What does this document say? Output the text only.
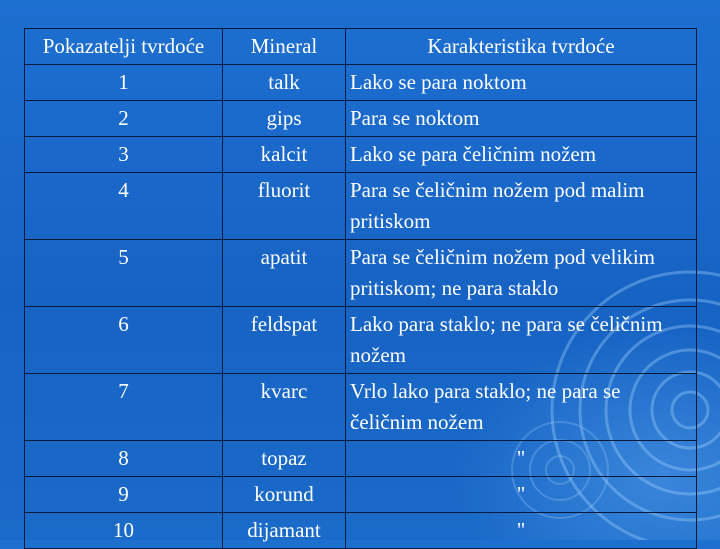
Pokazatelji tvrdoće	Mineral	Karakteristika tvrdoće
1	talk	Lako se para noktom
2	gips	Para se noktom
3	kalcit	Lako se para čeličnim nožem
4	fluorit	Para se čeličnim nožem pod malim pritiskom
5	apatit	Para se čeličnim nožem pod velikim pritiskom; ne para staklo
6	feldspat	Lako para staklo; ne para se čeličnim nožem
7	kvarc	Vrlo lako para staklo; ne para se čeličnim nožem
8	topaz	"
9	korund	"
10	dijamant	"
